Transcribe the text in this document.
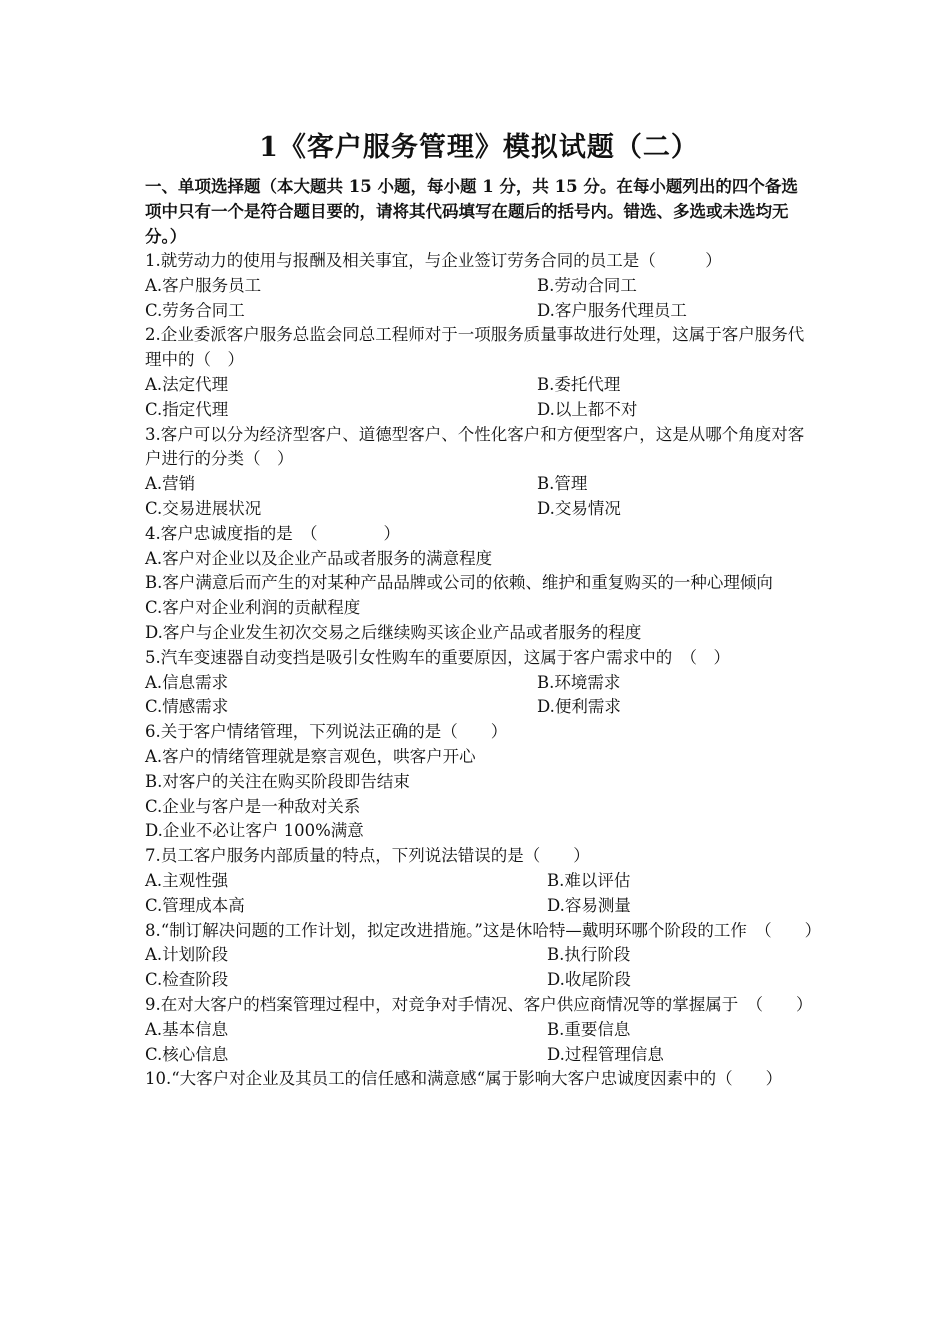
1《客户服务管理》模拟试题（二）

一、单项选择题（本大题共 15 小题，每小题 1 分，共 15 分。在每小题列出的四个备选项中只有一个是符合题目要的，请将其代码填写在题后的括号内。错选、多选或未选均无分。）

1.就劳动力的使用与报酬及相关事宜，与企业签订劳务合同的员工是（　　　）

A.客户服务员工	B.劳动合同工
C.劳务合同工	D.客户服务代理员工

2.企业委派客户服务总监会同总工程师对于一项服务质量事故进行处理，这属于客户服务代理中的（　）

A.法定代理	B.委托代理
C.指定代理	D.以上都不对

3.客户可以分为经济型客户、道德型客户、个性化客户和方便型客户，这是从哪个角度对客户进行的分类（　）

A.营销	B.管理
C.交易进展状况	D.交易情况

4.客户忠诚度指的是　（　　　　）

A.客户对企业以及企业产品或者服务的满意程度

B.客户满意后而产生的对某种产品品牌或公司的依赖、维护和重复购买的一种心理倾向

C.客户对企业利润的贡献程度

D.客户与企业发生初次交易之后继续购买该企业产品或者服务的程度

5.汽车变速器自动变挡是吸引女性购车的重要原因，这属于客户需求中的　（　）

A.信息需求	B.环境需求
C.情感需求	D.便利需求

6.关于客户情绪管理，下列说法正确的是（　　）

A.客户的情绪管理就是察言观色，哄客户开心

B.对客户的关注在购买阶段即告结束

C.企业与客户是一种敌对关系

D.企业不必让客户 100%满意

7.员工客户服务内部质量的特点，下列说法错误的是（　　）

A.主观性强	B.难以评估
C.管理成本高	D.容易测量

8.“制订解决问题的工作计划，拟定改进措施。”这是休哈特—戴明环哪个阶段的工作　（　　）

A.计划阶段	B.执行阶段
C.检查阶段	D.收尾阶段

9.在对大客户的档案管理过程中，对竞争对手情况、客户供应商情况等的掌握属于　（　　）

A.基本信息	B.重要信息
C.核心信息	D.过程管理信息

10.“大客户对企业及其员工的信任感和满意感“属于影响大客户忠诚度因素中的（　　）
